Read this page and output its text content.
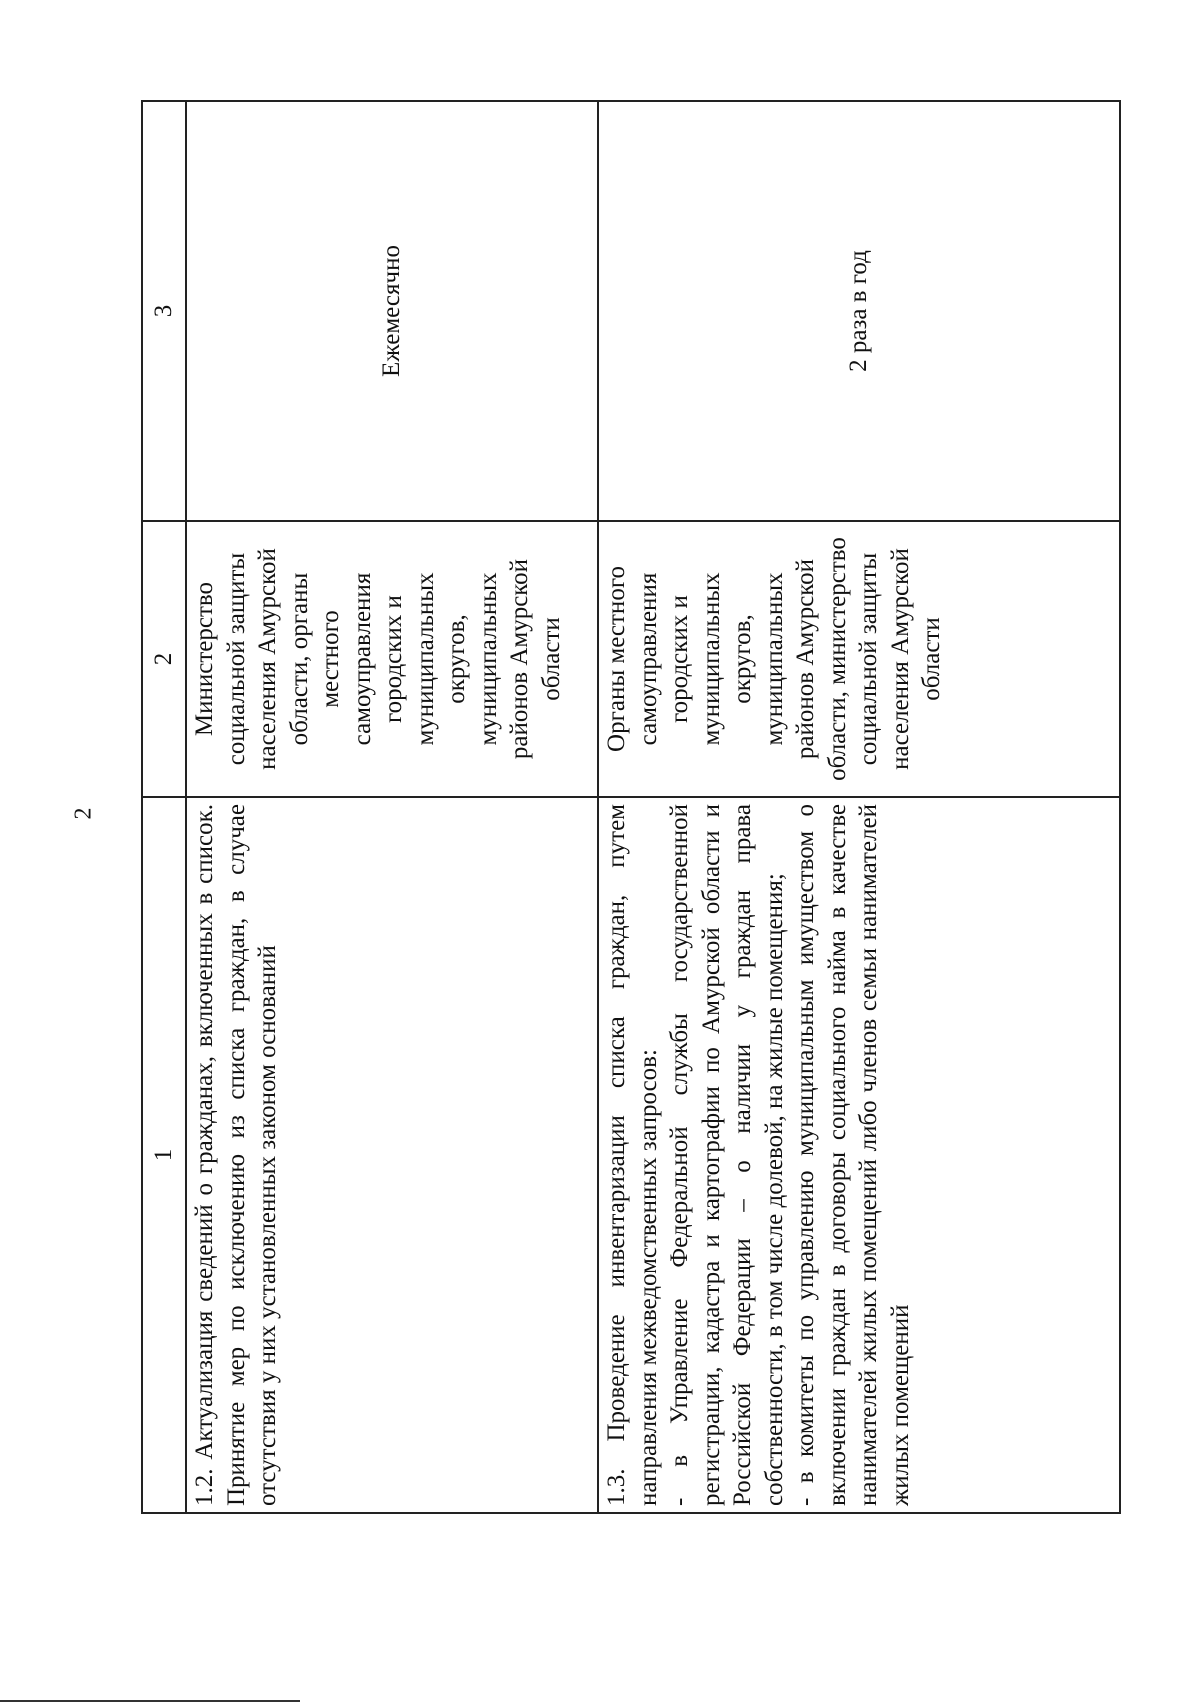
2
1	2	3

1.2. Актуализация сведений о гражданах, включенных в список. Принятие мер по исключению из списка граждан, в случае отсутствия у них установленных законом оснований	Министерство социальной защиты населения Амурской области, органы местного самоуправления городских и муниципальных округов, муниципальных районов Амурской области	Ежемесячно

1.3. Проведение инвентаризации списка граждан, путем направления межведомственных запросов: - в Управление Федеральной службы государственной регистрации, кадастра и картографии по Амурской области и Российской Федерации – о наличии у граждан права собственности, в том числе долевой, на жилые помещения; - в комитеты по управлению муниципальным имуществом о включении граждан в договоры социального найма в качестве нанимателей жилых помещений либо членов семьи нанимателей жилых помещений	Органы местного самоуправления городских и муниципальных округов, муниципальных районов Амурской области, министерство социальной защиты населения Амурской области	2 раза в год
